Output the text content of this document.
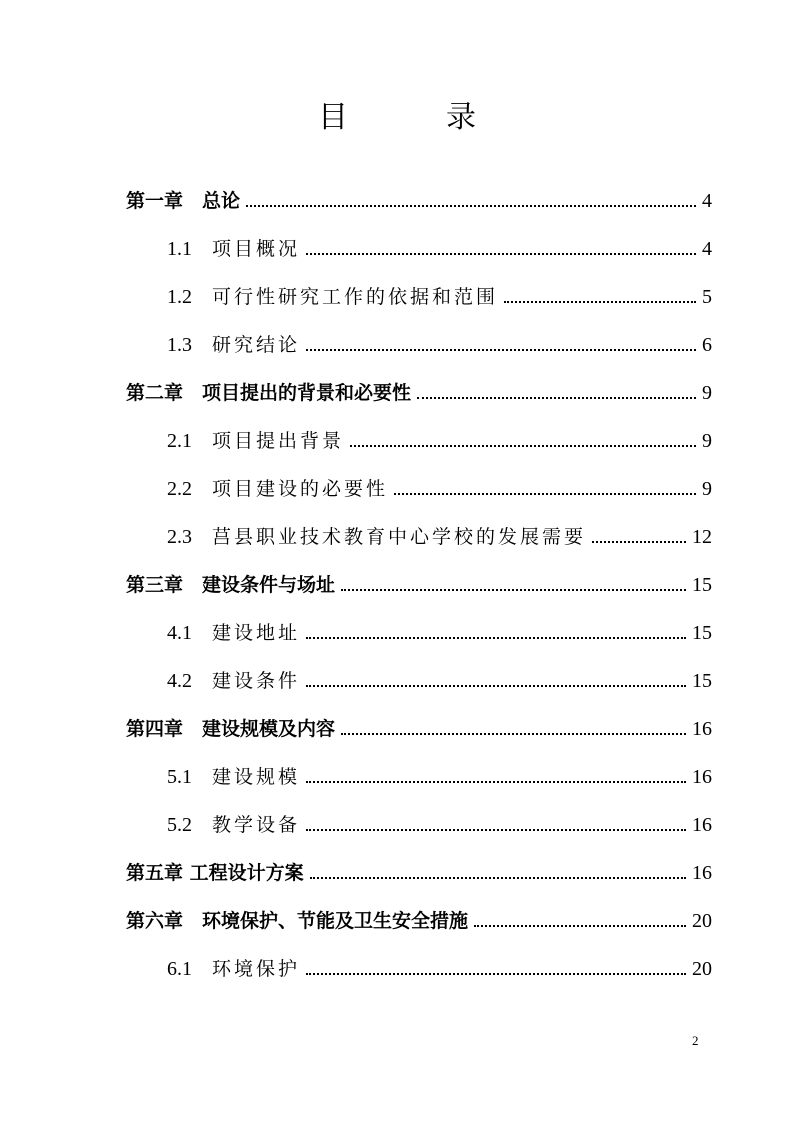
目　录
第一章　总论	4
1.1 项目概况	4
1.2 可行性研究工作的依据和范围	5
1.3 研究结论	6
第二章　项目提出的背景和必要性	9
2.1 项目提出背景	9
2.2 项目建设的必要性	9
2.3 莒县职业技术教育中心学校的发展需要	12
第三章　建设条件与场址	15
4.1 建设地址	15
4.2 建设条件	15
第四章　建设规模及内容	16
5.1 建设规模	16
5.2 教学设备	16
第五章 工程设计方案	16
第六章　环境保护、节能及卫生安全措施	20
6.1 环境保护	20
2
